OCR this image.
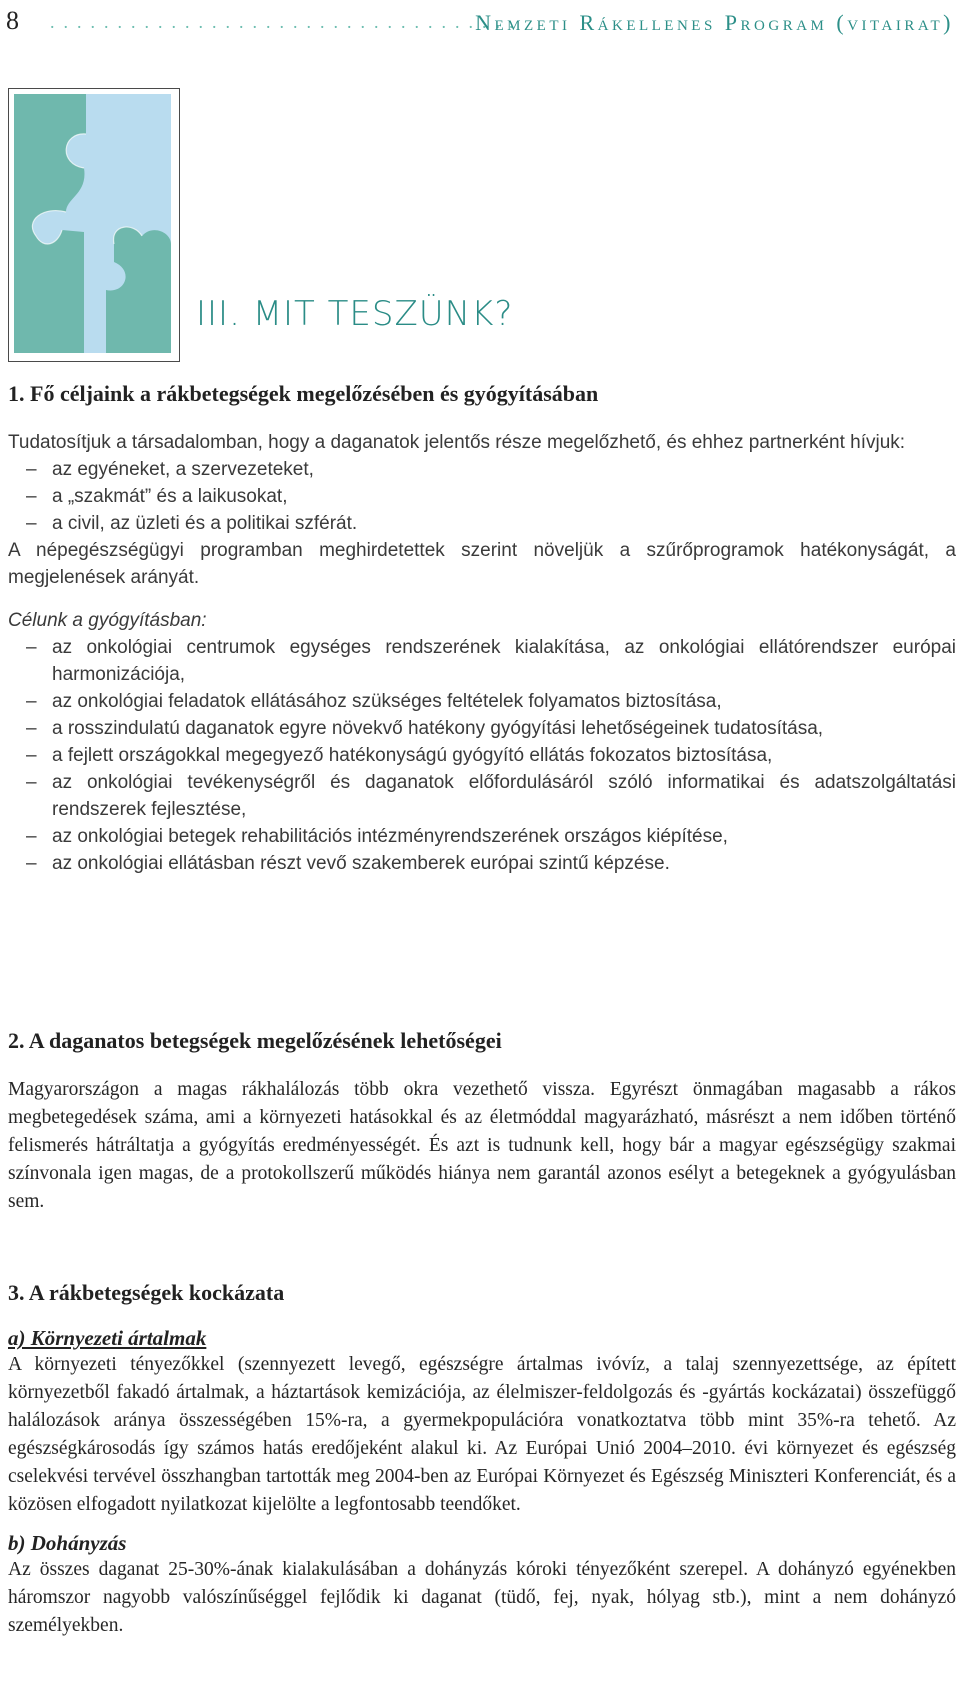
8 ...................................
Nemzeti Rákellenes Program (vitairat)
III. MIT TESZÜNK?
1. Fő céljaink a rákbetegségek megelőzésében és gyógyításában

Tudatosítjuk a társadalomban, hogy a daganatok jelentős része megelőzhető, és ehhez partnerként hívjuk:

– az egyéneket, a szervezeteket,
– a „szakmát” és a laikusokat,
– a civil, az üzleti és a politikai szférát.

A népegészségügyi programban meghirdetettek szerint növeljük a szűrőprogramok hatékonyságát, a megjelenések arányát.

Célunk a gyógyításban:

– az onkológiai centrumok egységes rendszerének kialakítása, az onkológiai ellátórendszer európai harmonizációja,
– az onkológiai feladatok ellátásához szükséges feltételek folyamatos biztosítása,
– a rosszindulatú daganatok egyre növekvő hatékony gyógyítási lehetőségeinek tudatosítása,
– a fejlett országokkal megegyező hatékonyságú gyógyító ellátás fokozatos biztosítása,
– az onkológiai tevékenységről és daganatok előfordulásáról szóló informatikai és adatszolgáltatási rendszerek fejlesztése,
– az onkológiai betegek rehabilitációs intézményrendszerének országos kiépítése,
– az onkológiai ellátásban részt vevő szakemberek európai szintű képzése.
2. A daganatos betegségek megelőzésének lehetőségei

Magyarországon a magas rákhalálozás több okra vezethető vissza. Egyrészt önmagában magasabb a rákos megbetegedések száma, ami a környezeti hatásokkal és az életmóddal magyarázható, másrészt a nem időben történő felismerés hátráltatja a gyógyítás eredményességét. És azt is tudnunk kell, hogy bár a magyar egészségügy szakmai színvonala igen magas, de a protokollszerű működés hiánya nem garantál azonos esélyt a betegeknek a gyógyulásban sem.

3. A rákbetegségek kockázata
a) Környezeti ártalmak

A környezeti tényezőkkel (szennyezett levegő, egészségre ártalmas ivóvíz, a talaj szennyezettsége, az épített környezetből fakadó ártalmak, a háztartások kemizációja, az élelmiszer-feldolgozás és -gyártás kockázatai) összefüggő halálozások aránya összességében 15%-ra, a gyermekpopulációra vonatkoztatva több mint 35%-ra tehető. Az egészségkárosodás így számos hatás eredőjeként alakul ki. Az Európai Unió 2004–2010. évi környezet és egészség cselekvési tervével összhangban tartották meg 2004-ben az Európai Környezet és Egészség Miniszteri Konferenciát, és a közösen elfogadott nyilatkozat kijelölte a legfontosabb teendőket.

b) Dohányzás

Az összes daganat 25-30%-ának kialakulásában a dohányzás kóroki tényezőként szerepel. A dohányzó egyénekben háromszor nagyobb valószínűséggel fejlődik ki daganat (tüdő, fej, nyak, hólyag stb.), mint a nem dohányzó személyekben.
